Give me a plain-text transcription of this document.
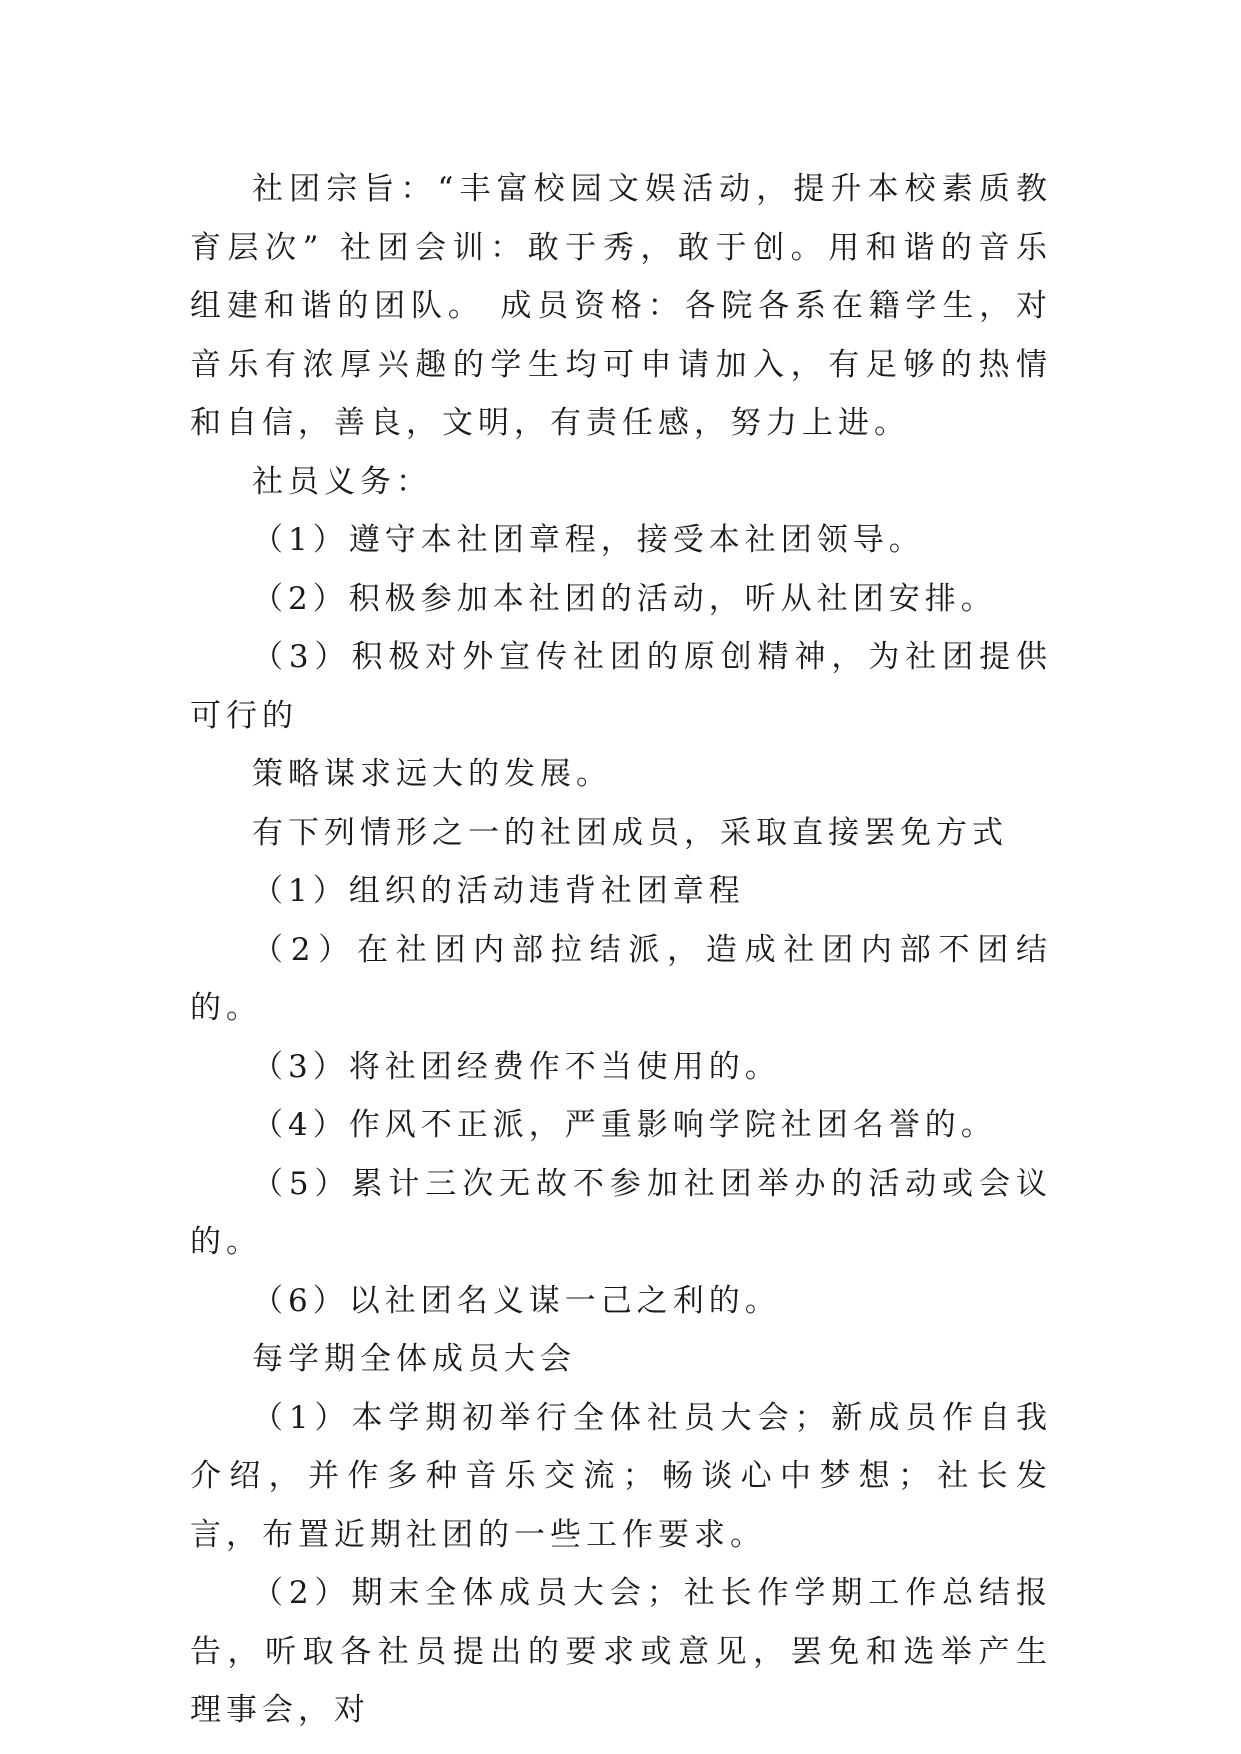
社团宗旨：“丰富校园文娱活动，提升本校素质教育层次” 社团会训：敢于秀，敢于创。用和谐的音乐组建和谐的团队。 成员资格：各院各系在籍学生，对音乐有浓厚兴趣的学生均可申请加入，有足够的热情和自信，善良，文明，有责任感，努力上进。

社员义务：

（1）遵守本社团章程，接受本社团领导。

（2）积极参加本社团的活动，听从社团安排。

（3）积极对外宣传社团的原创精神，为社团提供可行的

策略谋求远大的发展。

有下列情形之一的社团成员，采取直接罢免方式

（1）组织的活动违背社团章程

（2）在社团内部拉结派，造成社团内部不团结的。

（3）将社团经费作不当使用的。

（4）作风不正派，严重影响学院社团名誉的。

（5）累计三次无故不参加社团举办的活动或会议的。

（6）以社团名义谋一己之利的。

每学期全体成员大会

（1）本学期初举行全体社员大会；新成员作自我介绍，并作多种音乐交流；畅谈心中梦想；社长发言，布置近期社团的一些工作要求。

（2）期末全体成员大会；社长作学期工作总结报告，听取各社员提出的要求或意见，罢免和选举产生理事会，对
